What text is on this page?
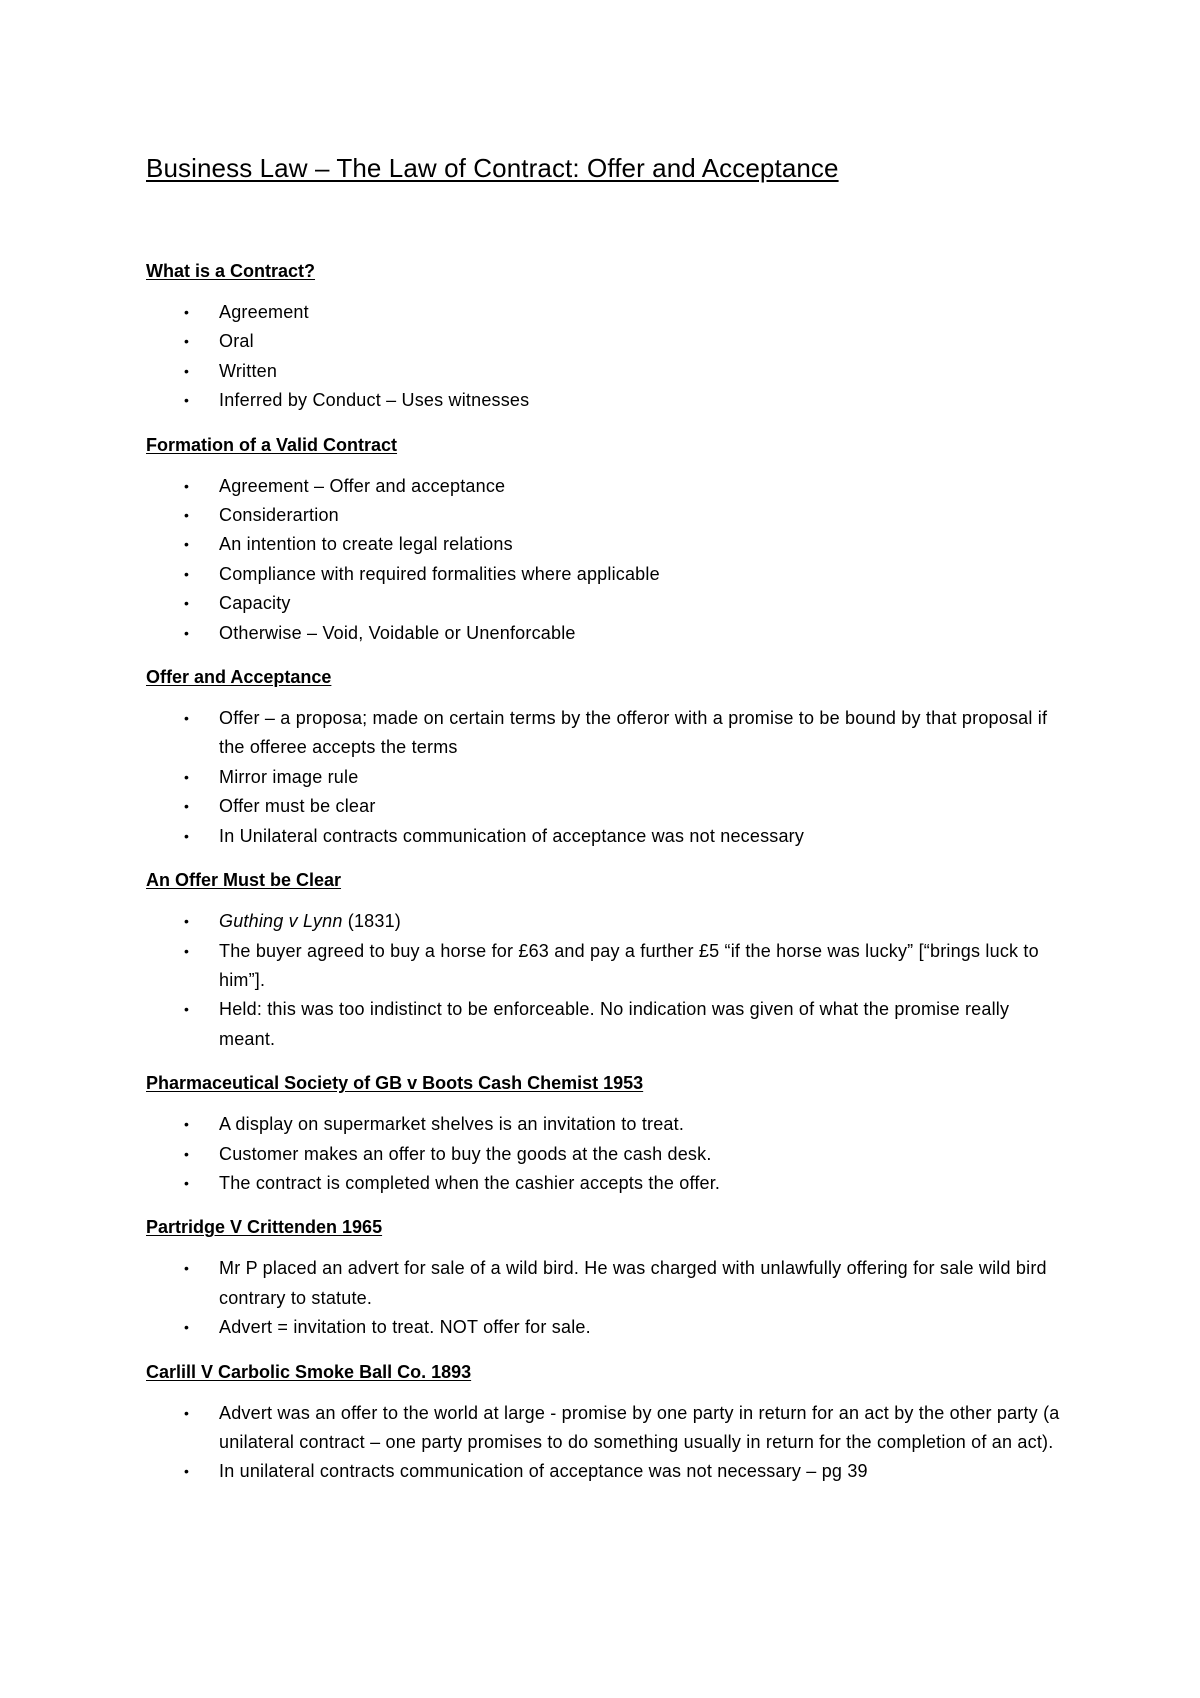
Business Law – The Law of Contract: Offer and Acceptance
What is a Contract?
• Agreement
• Oral
• Written
• Inferred by Conduct – Uses witnesses
Formation of a Valid Contract
• Agreement – Offer and acceptance
• Considerartion
• An intention to create legal relations
• Compliance with required formalities where applicable
• Capacity
• Otherwise – Void, Voidable or Unenforcable
Offer and Acceptance
• Offer – a proposa; made on certain terms by the offeror with a promise to be bound by that proposal if the offeree accepts the terms
• Mirror image rule
• Offer must be clear
• In Unilateral contracts communication of acceptance was not necessary
An Offer Must be Clear
• Guthing v Lynn (1831)
• The buyer agreed to buy a horse for £63 and pay a further £5 “if the horse was lucky” [“brings luck to him”].
• Held: this was too indistinct to be enforceable. No indication was given of what the promise really meant.
Pharmaceutical Society of GB v Boots Cash Chemist 1953
• A display on supermarket shelves is an invitation to treat.
• Customer makes an offer to buy the goods at the cash desk.
• The contract is completed when the cashier accepts the offer.
Partridge V Crittenden 1965
• Mr P placed an advert for sale of a wild bird. He was charged with unlawfully offering for sale wild bird contrary to statute.
• Advert = invitation to treat. NOT offer for sale.
Carlill V Carbolic Smoke Ball Co. 1893
• Advert was an offer to the world at large - promise by one party in return for an act by the other party (a unilateral contract – one party promises to do something usually in return for the completion of an act).
• In unilateral contracts communication of acceptance was not necessary – pg 39
